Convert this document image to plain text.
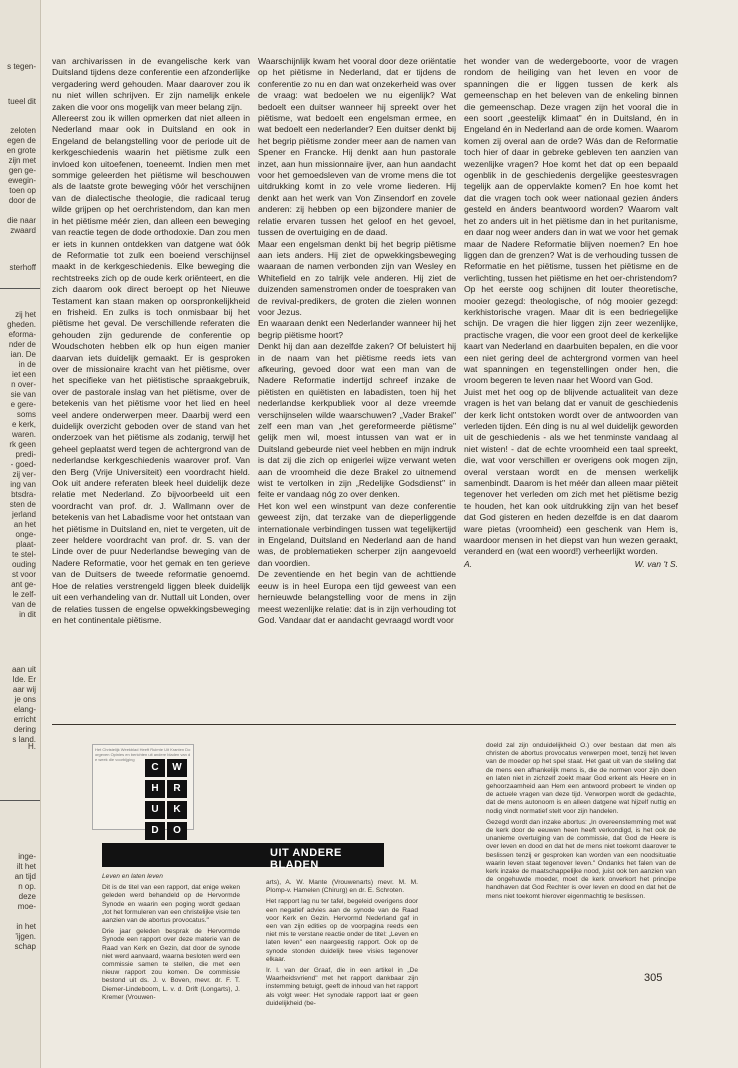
s tegen-
tueel dit
zeloten
egen de
en grote
zijn met
gen ge-
ewegin-
toen op
door de
die naar
zwaard
sterhoff
zij het
gheden.
eforma-
nder de
ian. De
in de
iet een
n over-
sie van
e gere-
soms
e kerk,
waren.
rk geen
predi-
- goed-
zij ver-
ing van
btsdra-
sten de
jerland
an het
onge-
plaat-
te stel-
ouding
st voor
ant ge-
le zelf-
van de
in dit
aan uit
Ide. Er
aar wij
je ons
elang-
erricht
dering
s land.
H.
inge-
ilt het
an tijd
n op.
deze
moe-
in het
'ijgen.
schap

van archivarissen in de evangelische kerk van Duitsland tijdens deze conferentie een afzonderlijke vergadering werd gehouden. Maar daarover zou ik nu niet willen schrijven. Er zijn namelijk enkele zaken die voor ons mogelijk van meer belang zijn.

Allereerst zou ik willen opmerken dat niet alleen in Nederland maar ook in Duitsland en ook in Engeland de belangstelling voor de periode uit de kerkgeschiedenis waarin het piëtisme zulk een invloed kon uitoefenen, toeneemt. Indien men met sommige geleerden het piëtisme wil beschouwen als de laatste grote beweging vóór het verschijnen van de dialectische theologie, die radicaal terug wilde grijpen op het oerchristendom, dan kan men in het piëtisme méér zien, dan alleen een beweging van reactie tegen de dode orthodoxie. Dan zou men er iets in kunnen ontdekken van datgene wat óók de Reformatie tot zulk een boeiend verschijnsel maakt in de kerkgeschiedenis. Elke beweging die rechtstreeks zich op de oude kerk oriënteert, en die zich daarom ook direct beroept op het Nieuwe Testament kan staan maken op oorspronkelijkheid en frisheid. En zulks is toch onmisbaar bij het piëtisme het geval. De verschillende referaten die gehouden zijn gedurende de conferentie op Woudschoten hebben elk op hun eigen manier daarvan iets duidelijk gemaakt. Er is gesproken over de missionaire kracht van het piëtisme, over het specifieke van het piëtistische spraakgebruik, over de pastorale inslag van het piëtisme, over de betekenis van het piëtisme voor het lied en heel veel andere onderwerpen meer. Daarbij werd een duidelijk overzicht geboden over de stand van het onderzoek van het piëtisme als zodanig, terwijl het geheel geplaatst werd tegen de achtergrond van de nederlandse kerkgeschiedenis waarover prof. Van den Berg (Vrije Universiteit) een voordracht hield. Ook uit andere referaten bleek heel duidelijk deze relatie met Nederland. Zo bijvoorbeeld uit een voordracht van prof. dr. J. Wallmann over de betekenis van het Labadisme voor het ontstaan van het piëtisme in Duitsland en, niet te vergeten, uit de zeer heldere voordracht van prof. dr. S. van der Linde over de puur Nederlandse beweging van de Nadere Reformatie, voor het gemak en ten gerieve van de Duitsers de tweede reformatie genoemd. Hoe de relaties verstrengeld liggen bleek duidelijk uit een verhandeling van dr. Nuttall uit Londen, over de relaties tussen de engelse opwekkingsbeweging en het continentale piëtisme.

Waarschijnlijk kwam het vooral door deze oriëntatie op het piëtisme in Nederland, dat er tijdens de conferentie zo nu en dan wat onzekerheid was over de vraag: wat bedoelen we nu eigenlijk? Wat bedoelt een duitser wanneer hij spreekt over het piëtisme, wat bedoelt een engelsman ermee, en wat bedoelt een nederlander? Een duitser denkt bij het begrip piëtisme zonder meer aan de namen van Spener en Francke. Hij denkt aan hun pastorale inzet, aan hun missionnaire ijver, aan hun aandacht voor het gemoedsleven van de vrome mens die tot uitdrukking komt in zo vele vrome liederen. Hij denkt aan het werk van Von Zinsendorf en zovele anderen: zij hebben op een bijzondere manier de relatie ervaren tussen het geloof en het gevoel, tussen de overtuiging en de daad.

Maar een engelsman denkt bij het begrip piëtisme aan iets anders. Hij ziet de opwekkingsbeweging waaraan de namen verbonden zijn van Wesley en Whitefield en zo talrijk vele anderen. Hij ziet de duizenden samenstromen onder de toespraken van de revival-predikers, de groten die zielen wonnen voor Jezus.

En waaraan denkt een Nederlander wanneer hij het begrip piëtisme hoort?

Denkt hij dan aan dezelfde zaken? Of beluistert hij in de naam van het piëtisme reeds iets van afkeuring, gevoed door wat een man van de Nadere Reformatie indertijd schreef inzake de piëtisten en quiëtisten en labadisten, toen hij het nederlandse kerkpubliek voor al deze vreemde verschijnselen wilde waarschuwen? „Vader Brakel" zelf een man van „het gereformeerde piëtisme" gelijk men wil, moest intussen van wat er in Duitsland gebeurde niet veel hebben en mijn indruk is dat zij die zich op enigerlei wijze verwant weten aan de vroomheid die deze Brakel zo uitnemend wist te vertolken in zijn „Redelijke Godsdienst" in feite er vandaag nóg zo over denken.

Het kon wel een winstpunt van deze conferentie geweest zijn, dat terzake van de dieperliggende internationale verbindingen tussen wat tegelijkertijd in Engeland, Duitsland en Nederland aan de hand was, de problematieken scherper zijn aangevoeld dan voordien.

De zeventiende en het begin van de achttiende eeuw is in heel Europa een tijd geweest van een hernieuwde belangstelling voor de mens in zijn meest wezenlijke relatie: dat is in zijn verhouding tot God. Vandaar dat er aandacht gevraagd wordt voor

het wonder van de wedergeboorte, voor de vragen rondom de heiliging van het leven en voor de spanningen die er liggen tussen de kerk als gemeenschap en het beleven van de enkeling binnen die gemeenschap. Deze vragen zijn het vooral die in een soort „geestelijk klimaat" én in Duitsland, én in Engeland én in Nederland aan de orde komen. Waarom komen zij overal aan de orde? Wás dan de Reformatie toch hier of daar in gebreke gebleven ten aanzien van wezenlijke vragen? Hoe komt het dat op een bepaald ogenblik in de geschiedenis dergelijke geestesvragen tegelijk aan de oppervlakte komen? En hoe komt het dat die vragen toch ook weer nationaal gezien ánders gesteld en ánders beantwoord worden? Waarom valt het zo anders uit in het piëtisme dan in het puritanisme, en daar nog weer anders dan in wat we voor het gemak maar de Nadere Reformatie blijven noemen? En hoe liggen dan de grenzen? Wat is de verhouding tussen de Reformatie en het piëtisme, tussen het piëtisme en de verlichting, tussen het piëtisme en het oer-christendom?

Op het eerste oog schijnen dit louter theoretische, mooier gezegd: theologische, of nóg mooier gezegd: kerkhistorische vragen. Maar dit is een bedriegelijke schijn. De vragen die hier liggen zijn zeer wezenlijke, practische vragen, die voor een groot deel de kerkelijke kaart van Nederland en daarbuiten bepalen, en die voor een niet gering deel de achtergrond vormen van heel wat spanningen en tegenstellingen onder hen, die vroom begeren te leven naar het Woord van God.

Juist met het oog op de blijvende actualiteit van deze vragen is het van belang dat er vanuit de geschiedenis der kerk licht ontstoken wordt over de antwoorden van verleden tijden. Eén ding is nu al wel duidelijk geworden uit de geschiedenis - als we het tenminste vandaag al niet wisten! - dat de echte vroomheid een taal spreekt, die, wat voor verschillen er overigens ook mogen zijn, overal verstaan wordt en de mensen werkelijk samenbindt. Daarom is het méér dan alleen maar piëteit tegenover het verleden om zich met het piëtisme bezig te houden, het kan ook uitdrukking zijn van het besef dat God gisteren en heden dezelfde is en dat daarom ware pietas (vroomheid) een geschenk van Hem is, waardoor mensen in het diepst van hun wezen geraakt, veranderd en (wat een woord!) verheerlijkt worden.

A.	W. van 't S.
UIT ANDERE BLADEN
Het Christelijk Weekblad Heeft Ruimte Uit Kranten Doorgeven Opinies en berichten uit andere bladen van de week die voorbijging
C W H R U K D O

Leven en laten leven

Dit is de titel van een rapport, dat enige weken geleden werd behandeld op de Hervormde Synode en waarin een poging wordt gedaan „tot het formuleren van een christelijke visie ten aanzien van de abortus provocatus."

Drie jaar geleden besprak de Hervormde Synode een rapport over deze materie van de Raad van Kerk en Gezin, dat door de synode niet werd aanvaard, waarna besloten werd een commissie samen te stellen, die met een nieuw rapport zou komen. De commissie bestond uit ds. J. v. Boven, mevr. dr. F. T. Diemer-Lindeboom, L. v. d. Drift (Longarts), J. Kremer (Vrouwen-

arts), A. W. Mante (Vrouwenarts) mevr. M. M. Plomp-v. Hamelen (Chirurg) en dr. E. Schroten.

Het rapport lag nu ter tafel, begeleid overigens door een negatief advies aan de synode van de Raad voor Kerk en Gezin. Hervormd Nederland gaf in een van zijn edities op de voorpagina reeds een niet mis te verstane reactie onder de titel: „Leven en laten leven" een naargeestig rapport. Ook op de synode stonden duidelijk twee visies tegenover elkaar.

Ir. I. van der Graaf, die in een artikel in „De Waarheidsvriend" met het rapport dankbaar zijn instemming betuigt, geeft de inhoud van het rapport als volgt weer: Het synodale rapport laat er geen duidelijkheid (be-

doeld zal zijn onduidelijkheid O.) over bestaan dat men als christen de abortus provocatus verwerpen moet, tenzij het leven van de moeder op het spel staat. Het gaat uit van de stelling dat de mens een afhankelijk mens is, die de normen voor zijn doen en laten niet in zichzelf zoekt maar God erkent als Heere en in gehoorzaamheid aan Hem een antwoord probeert te vinden op de actuele vragen van deze tijd. Verworpen wordt de gedachte, dat de mens autonoom is en alleen datgene wat hijzelf nuttig en nodig vindt normatief stelt voor zijn handelen.

Gezegd wordt dan inzake abortus: „In overeenstemming met wat de kerk door de eeuwen heen heeft verkondigd, is het ook de unanieme overtuiging van de commissie, dat God de Heere is over leven en dood en dat het de mens niet toekomt daarover te beslissen tenzij er gesproken kan worden van een noodsituatie waarin leven staat tegenover leven." Ondanks het falen van de kerk inzake de maatschappelijke nood, juist ook ten aanzien van de ongehuwde moeder, moet de kerk onverkort het principe handhaven dat God Rechter is over leven en dood en dat het de mens niet toekomt hierover eigenmachtig te beslissen.

305
